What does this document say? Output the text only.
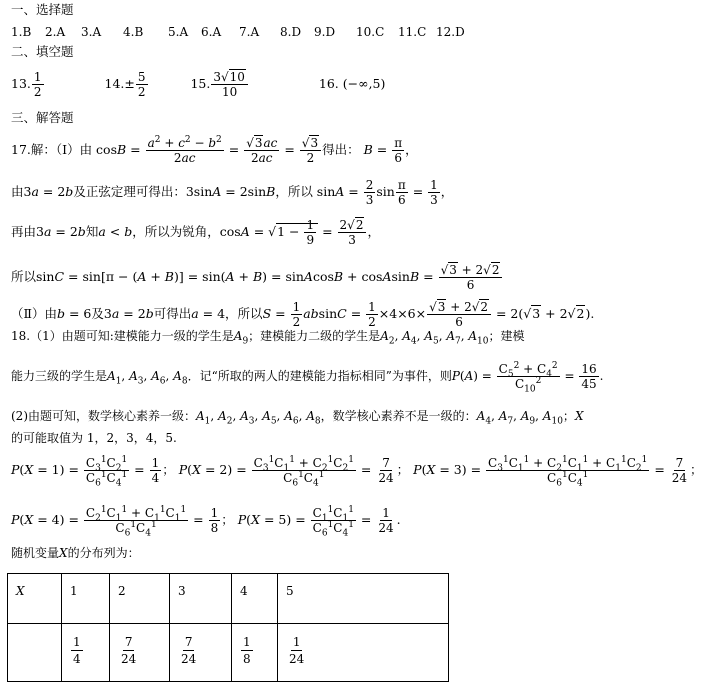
一、选择题
1.B 2.A 3.A 4.B 5.A 6.A 7.A 8.D 9.D 10.C 11.C 12.D
二、填空题
13. $\frac{1}{2}$	$14.\pm \frac{5}{2}$	15. $\frac{3√10}{10}$	16. (−∞,5)
三、解答题
17.解：（Ⅰ）由 $\cos B = \frac{a^2 + c^2 - b^2}{2ac} = \frac{√3ac}{2ac} = \frac{√3}{2}$ 得出： $B = \frac{\pi}{6}$ ，
由3a = 2b及正弦定理可得出：3sinA = 2sinB，所以 $\sin A = \frac{2}{3}$ $\sin \frac{\pi}{6} = \frac{1}{3}$ ，
再由3a = 2b知a < b，所以为锐角，$\cos A = √1 - \frac{1}{9} = \frac{2√2}{3}$ ，
所以sinC = sin[π − (A + B)] = sin(A + B) = sinAcosB + cosAsinB = $\frac{√3 + 2√2}{6}$
（Ⅱ）由b = 6及3a = 2b可得出a = 4，所以$S = \frac{1}{2}$ $absinC = \frac{1}{2} \times 4\times 6\times \frac{√3 + 2√2}{6} = 2(√3 + 2√2)$.
18.（1）由题可知:建模能力一级的学生是$A_9$；建模能力二级的学生是$A_2$, $A_4$, $A_5$, $A_7$, $A_{10}$；建模
能力三级的学生是$A_1$, $A_3$, $A_6$, $A_8$．记“所取的两人的建模能力指标相同”为事件，则$P(A) = \frac{C_5^2 + C_4^2}{C_{10}^2} = \frac{16}{45}$ .
(2)由题可知，数学核心素养一级：$A_1$, $A_2$, $A_3$, $A_5$, $A_6$, $A_8$，数学核心素养不是一级的：$A_4$, $A_7$, $A_9$, $A_{10}$；X
的可能取值为 1，2，3，4，5.
$P(X = 1) = \frac{C_3^1C_2^1}{C_6^1C_4^1} = \frac{1}{4}$ ； $P(X = 2) = \frac{C_3^1C_1^1 + C_2^1C_2^1}{C_6^1C_4^1} = \frac{7}{24}$ ； $P(X = 3) = \frac{C_3^1C_1^1 + C_2^1C_1^1 + C_1^1C_2^1}{C_6^1C_4^1} = \frac{7}{24}$ ；
$P(X = 4) = \frac{C_2^1C_1^1 + C_1^1C_1^1}{C_6^1C_4^1} = \frac{1}{8}$ ； $P(X = 5) = \frac{C_1^1C_1^1}{C_6^1C_4^1} = \frac{1}{24}$ .
随机变量X的分布列为：
X	1	2	3	4	5

	$\frac{1}{4}$	$\frac{7}{24}$	$\frac{7}{24}$	$\frac{1}{8}$	$\frac{1}{24}$
